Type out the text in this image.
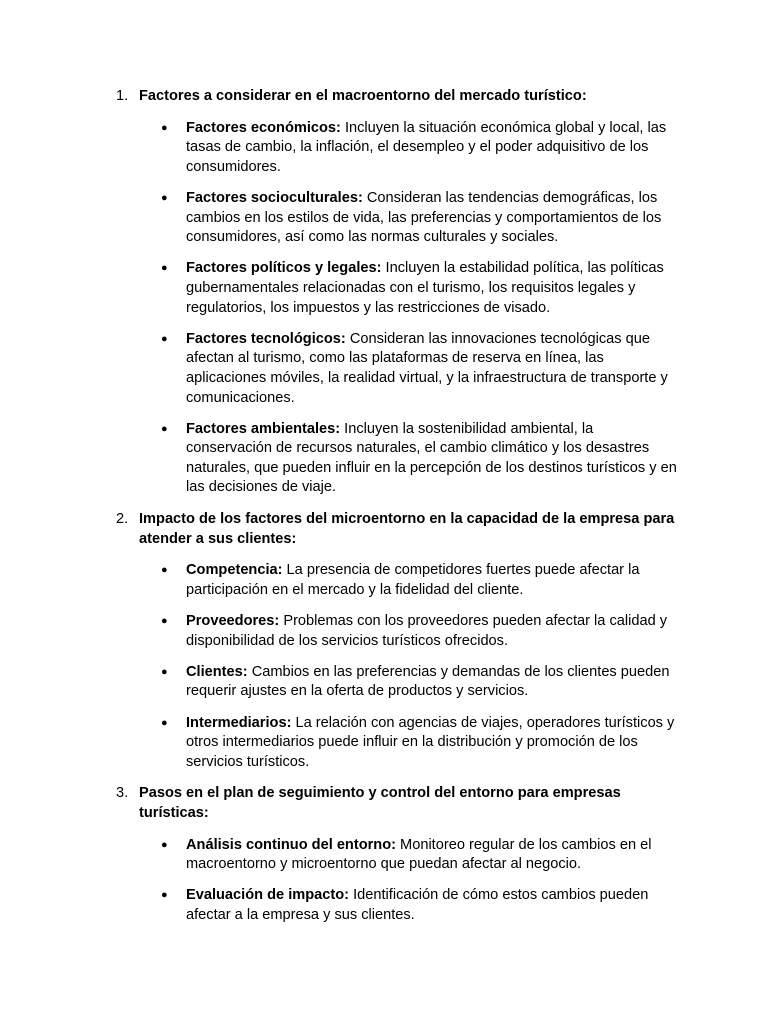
1. Factores a considerar en el macroentorno del mercado turístico:
● Factores económicos: Incluyen la situación económica global y local, las tasas de cambio, la inflación, el desempleo y el poder adquisitivo de los consumidores.
● Factores socioculturales: Consideran las tendencias demográficas, los cambios en los estilos de vida, las preferencias y comportamientos de los consumidores, así como las normas culturales y sociales.
● Factores políticos y legales: Incluyen la estabilidad política, las políticas gubernamentales relacionadas con el turismo, los requisitos legales y regulatorios, los impuestos y las restricciones de visado.
● Factores tecnológicos: Consideran las innovaciones tecnológicas que afectan al turismo, como las plataformas de reserva en línea, las aplicaciones móviles, la realidad virtual, y la infraestructura de transporte y comunicaciones.
● Factores ambientales: Incluyen la sostenibilidad ambiental, la conservación de recursos naturales, el cambio climático y los desastres naturales, que pueden influir en la percepción de los destinos turísticos y en las decisiones de viaje.
2. Impacto de los factores del microentorno en la capacidad de la empresa para atender a sus clientes:
● Competencia: La presencia de competidores fuertes puede afectar la participación en el mercado y la fidelidad del cliente.
● Proveedores: Problemas con los proveedores pueden afectar la calidad y disponibilidad de los servicios turísticos ofrecidos.
● Clientes: Cambios en las preferencias y demandas de los clientes pueden requerir ajustes en la oferta de productos y servicios.
● Intermediarios: La relación con agencias de viajes, operadores turísticos y otros intermediarios puede influir en la distribución y promoción de los servicios turísticos.
3. Pasos en el plan de seguimiento y control del entorno para empresas turísticas:
● Análisis continuo del entorno: Monitoreo regular de los cambios en el macroentorno y microentorno que puedan afectar al negocio.
● Evaluación de impacto: Identificación de cómo estos cambios pueden afectar a la empresa y sus clientes.
